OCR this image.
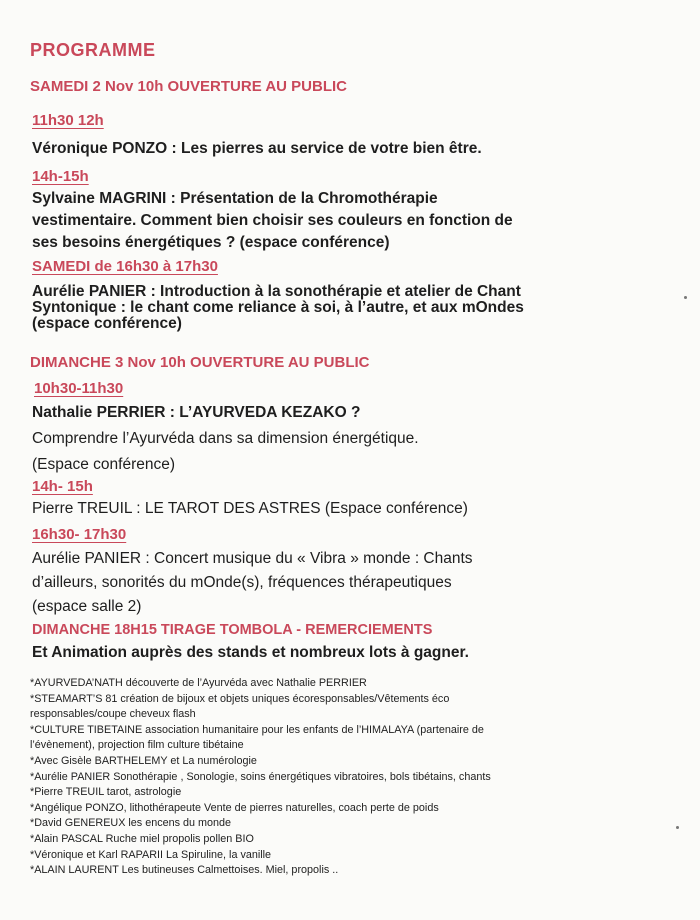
PROGRAMME
SAMEDI 2 Nov 10h OUVERTURE AU PUBLIC
11h30 12h
Véronique PONZO : Les pierres au service de votre bien être.
14h-15h
Sylvaine MAGRINI : Présentation de la Chromothérapie
vestimentaire. Comment bien choisir ses couleurs en fonction de
ses besoins énergétiques ? (espace conférence)
SAMEDI de 16h30 à 17h30
Aurélie PANIER : Introduction à la sonothérapie et atelier de Chant
Syntonique : le chant come reliance à soi, à l’autre, et aux mOndes
(espace conférence)
DIMANCHE 3 Nov 10h OUVERTURE AU PUBLIC
10h30-11h30
Nathalie PERRIER : L’AYURVEDA KEZAKO ?
Comprendre l’Ayurvéda dans sa dimension énergétique.
(Espace conférence)
14h- 15h
Pierre TREUIL : LE TAROT DES ASTRES (Espace conférence)
16h30- 17h30
Aurélie PANIER : Concert musique du « Vibra » monde : Chants
d’ailleurs, sonorités du mOnde(s), fréquences thérapeutiques
(espace salle 2)
DIMANCHE 18H15 TIRAGE TOMBOLA - REMERCIEMENTS
Et Animation auprès des stands et nombreux lots à gagner.
*AYURVEDA’NATH découverte de l’Ayurvéda avec Nathalie PERRIER
*STEAMART’S 81 création de bijoux et objets uniques écoresponsables/Vêtements éco
responsables/coupe cheveux flash
*CULTURE TIBETAINE association humanitaire pour les enfants de l’HIMALAYA (partenaire de
l’évènement), projection film culture tibétaine
*Avec Gisèle BARTHELEMY et La numérologie
*Aurélie PANIER Sonothérapie , Sonologie, soins énergétiques vibratoires, bols tibétains, chants
*Pierre TREUIL tarot, astrologie
*Angélique PONZO, lithothérapeute Vente de pierres naturelles, coach perte de poids
*David GENEREUX les encens du monde
*Alain PASCAL Ruche miel propolis pollen BIO
*Véronique et Karl RAPARII La Spiruline, la vanille
*ALAIN LAURENT Les butineuses Calmettoises. Miel, propolis ..
